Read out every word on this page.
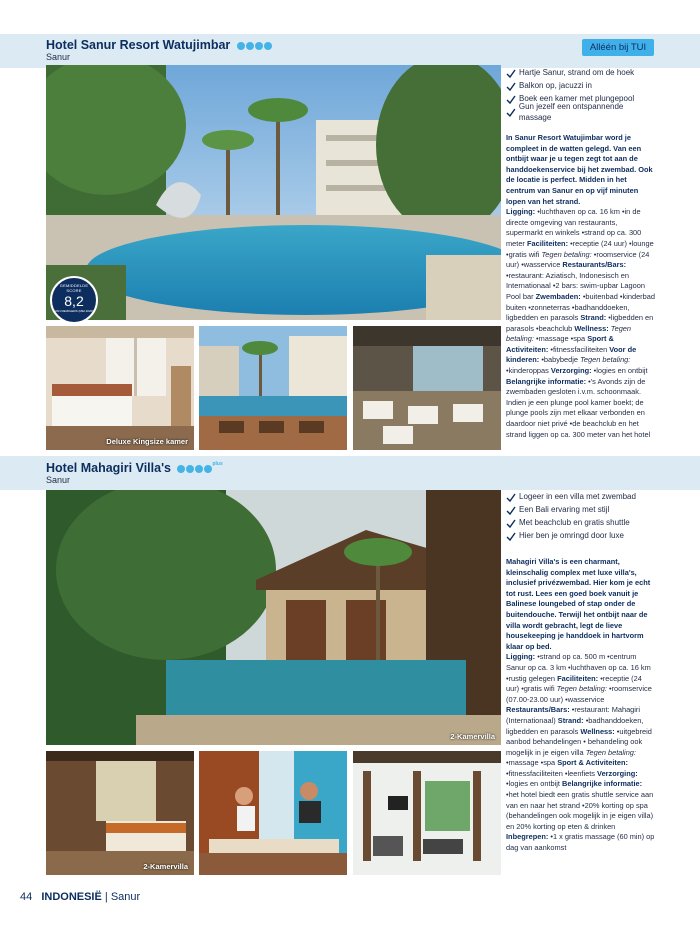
Hotel Sanur Resort Watujimbar
Sanur
Alléén bij TUI
GEMIDDELDE SCORE
8,2
VAN REIZIGERS (MEI 2020)
Deluxe Kingsize kamer
Hartje Sanur, strand om de hoek
Balkon op, jacuzzi in
Boek een kamer met plungepool
Gun jezelf een ontspannende massage
In Sanur Resort Watujimbar word je compleet in de watten gelegd. Van een ontbijt waar je u tegen zegt tot aan de handdoekenservice bij het zwembad. Ook de locatie is perfect. Midden in het centrum van Sanur en op vijf minuten lopen van het strand.
Ligging: •luchthaven op ca. 16 km •in de directe omgeving van restaurants, supermarkt en winkels •strand op ca. 300 meter Faciliteiten: •receptie (24 uur) •lounge •gratis wifi Tegen betaling: •roomservice (24 uur) •wasservice Restaurants/Bars: •restaurant: Aziatisch, Indonesisch en Internationaal •2 bars: swim-upbar Lagoon Pool bar Zwembaden: •buitenbad •kinderbad buiten •zonneterras •badhanddoeken, ligbedden en parasols Strand: •ligbedden en parasols •beachclub Wellness: Tegen betaling: •massage •spa Sport & Activiteiten: •fitnessfaciliteiten Voor de kinderen: •babybedje Tegen betaling: •kinderoppas Verzorging: •logies en ontbijt Belangrijke informatie: •'s Avonds zijn de zwembaden gesloten i.v.m. schoonmaak. Indien je een plunge pool kamer boekt; de plunge pools zijn met elkaar verbonden en daardoor niet privé •de beachclub en het strand liggen op ca. 300 meter van het hotel
Hotel Mahagiri Villa's	$^{plus}$
Sanur
2-Kamervilla
2-Kamervilla
Logeer in een villa met zwembad
Een Bali ervaring met stijl
Met beachclub en gratis shuttle
Hier ben je omringd door luxe
Mahagiri Villa's is een charmant, kleinschalig complex met luxe villa's, inclusief privézwembad. Hier kom je echt tot rust. Lees een goed boek vanuit je Balinese loungebed of stap onder de buitendouche. Terwijl het ontbijt naar de villa wordt gebracht, legt de lieve housekeeping je handdoek in hartvorm klaar op bed.
Ligging: •strand op ca. 500 m •centrum Sanur op ca. 3 km •luchthaven op ca. 16 km •rustig gelegen Faciliteiten: •receptie (24 uur) •gratis wifi Tegen betaling: •roomservice (07.00-23.00 uur) •wasservice Restaurants/Bars: •restaurant: Mahagiri (Internationaal) Strand: •badhanddoeken, ligbedden en parasols Wellness: •uitgebreid aanbod behandelingen • behandeling ook mogelijk in je eigen villa Tegen betaling: •massage •spa Sport & Activiteiten: •fitnessfaciliteiten •leenfiets Verzorging: •logies en ontbijt Belangrijke informatie: •het hotel biedt een gratis shuttle service aan van en naar het strand •20% korting op spa (behandelingen ook mogelijk in je eigen villa) en 20% korting op eten & drinken Inbegrepen: •1 x gratis massage (60 min) op dag van aankomst
44 INDONESIË | Sanur
